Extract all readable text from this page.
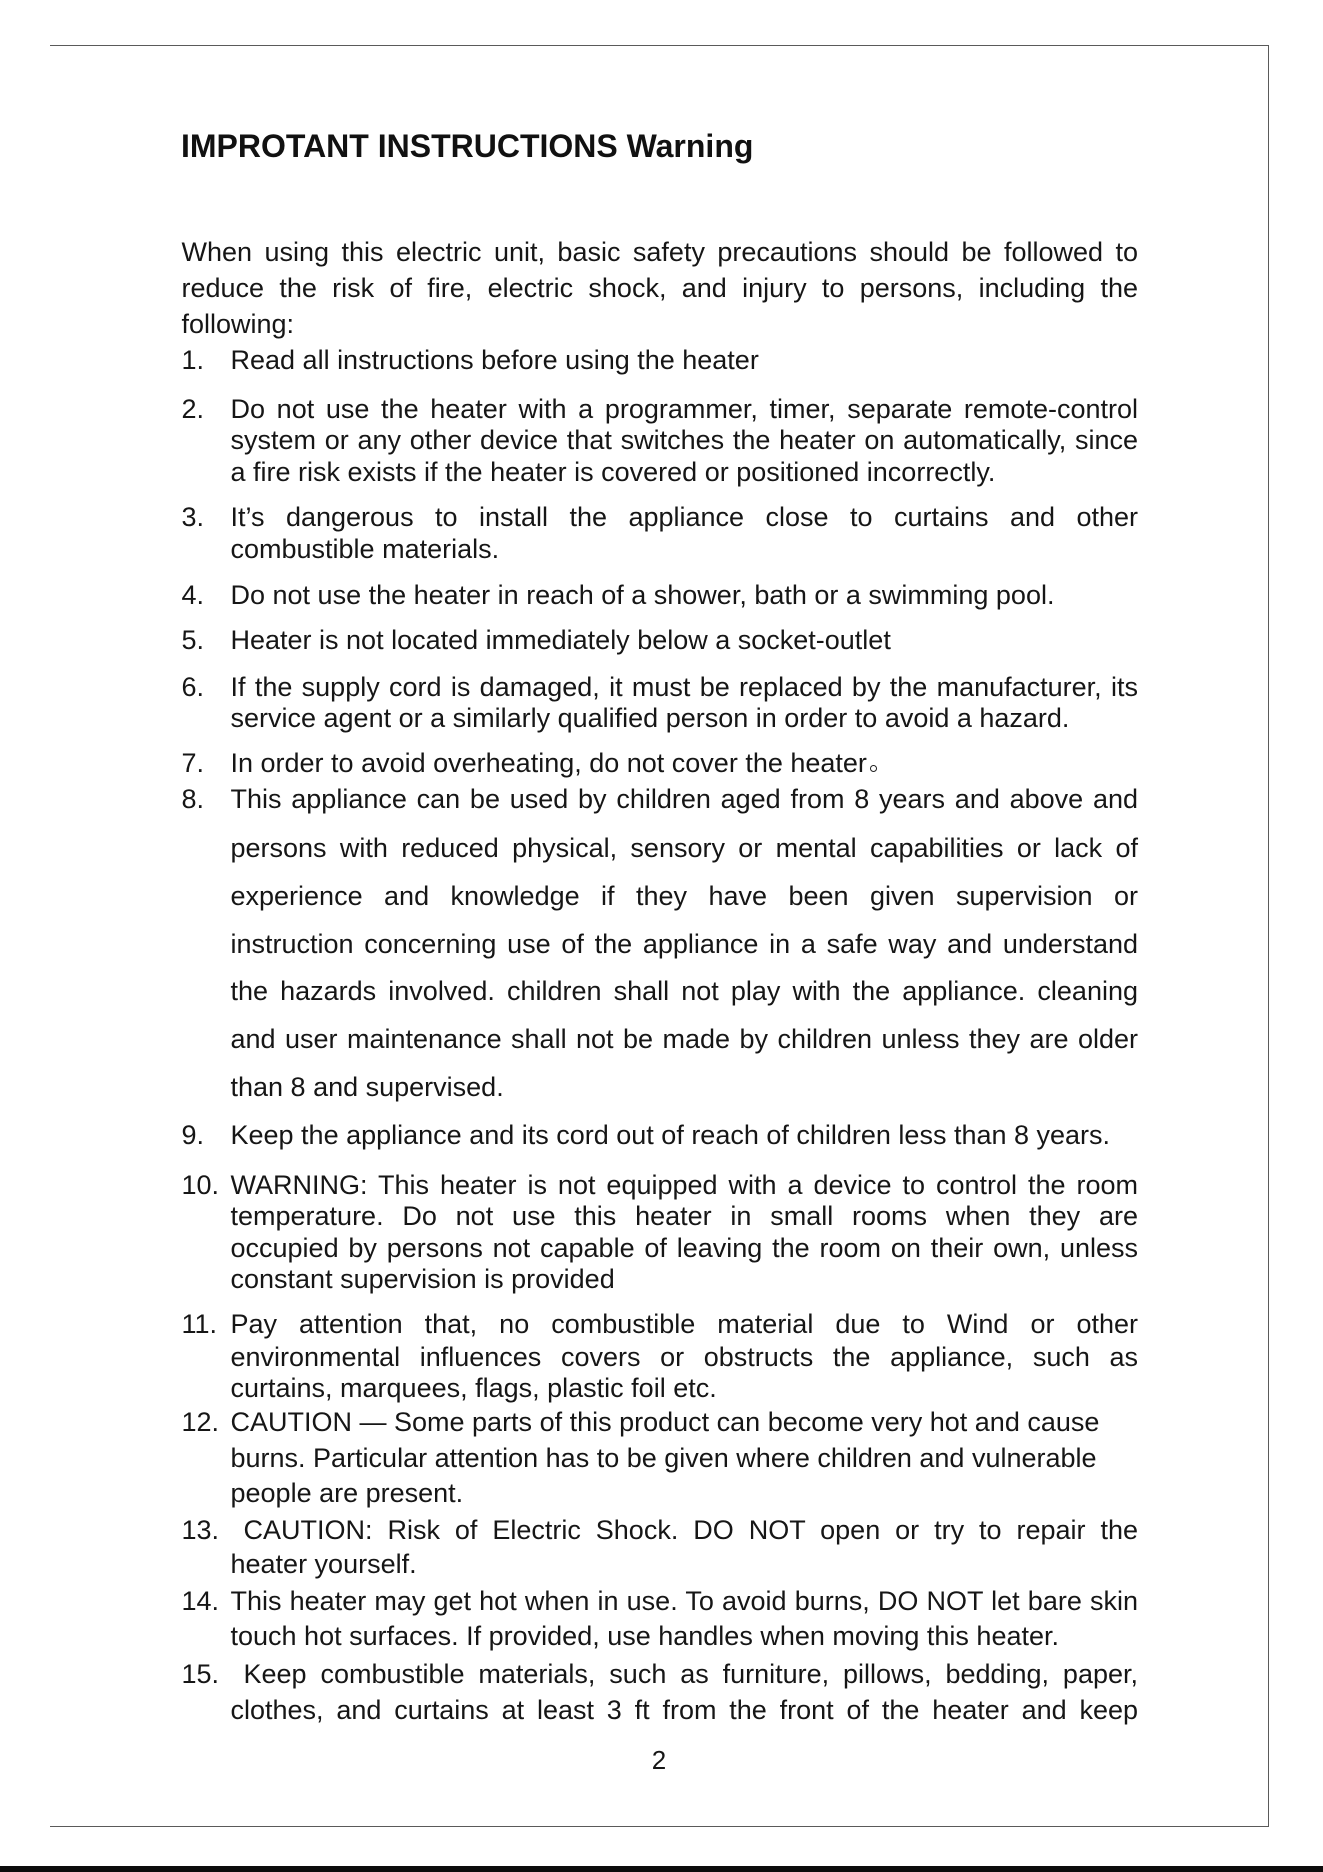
IMPROTANT INSTRUCTIONS Warning
When using this electric unit, basic safety precautions should be followed to
reduce the risk of fire, electric shock, and injury to persons, including the
following:
1. Read all instructions before using the heater
2. Do not use the heater with a programmer, timer, separate remote-control
system or any other device that switches the heater on automatically, since
a fire risk exists if the heater is covered or positioned incorrectly.
3. It’s dangerous to install the appliance close to curtains and other
combustible materials.
4. Do not use the heater in reach of a shower, bath or a swimming pool.
5. Heater is not located immediately below a socket-outlet
6. If the supply cord is damaged, it must be replaced by the manufacturer, its
service agent or a similarly qualified person in order to avoid a hazard.
7. In order to avoid overheating, do not cover the heater
8. This appliance can be used by children aged from 8 years and above and
persons with reduced physical, sensory or mental capabilities or lack of
experience and knowledge if they have been given supervision or
instruction concerning use of the appliance in a safe way and understand
the hazards involved. children shall not play with the appliance. cleaning
and user maintenance shall not be made by children unless they are older
than 8 and supervised.
9. Keep the appliance and its cord out of reach of children less than 8 years.
10. WARNING: This heater is not equipped with a device to control the room
temperature. Do not use this heater in small rooms when they are
occupied by persons not capable of leaving the room on their own, unless
constant supervision is provided
11. Pay attention that, no combustible material due to Wind or other
environmental influences covers or obstructs the appliance, such as
curtains, marquees, flags, plastic foil etc.
12. CAUTION — Some parts of this product can become very hot and cause
burns. Particular attention has to be given where children and vulnerable
people are present.
13. CAUTION: Risk of Electric Shock. DO NOT open or try to repair the
heater yourself.
14. This heater may get hot when in use. To avoid burns, DO NOT let bare skin
touch hot surfaces. If provided, use handles when moving this heater.
15. Keep combustible materials, such as furniture, pillows, bedding, paper,
clothes, and curtains at least 3 ft from the front of the heater and keep
2
